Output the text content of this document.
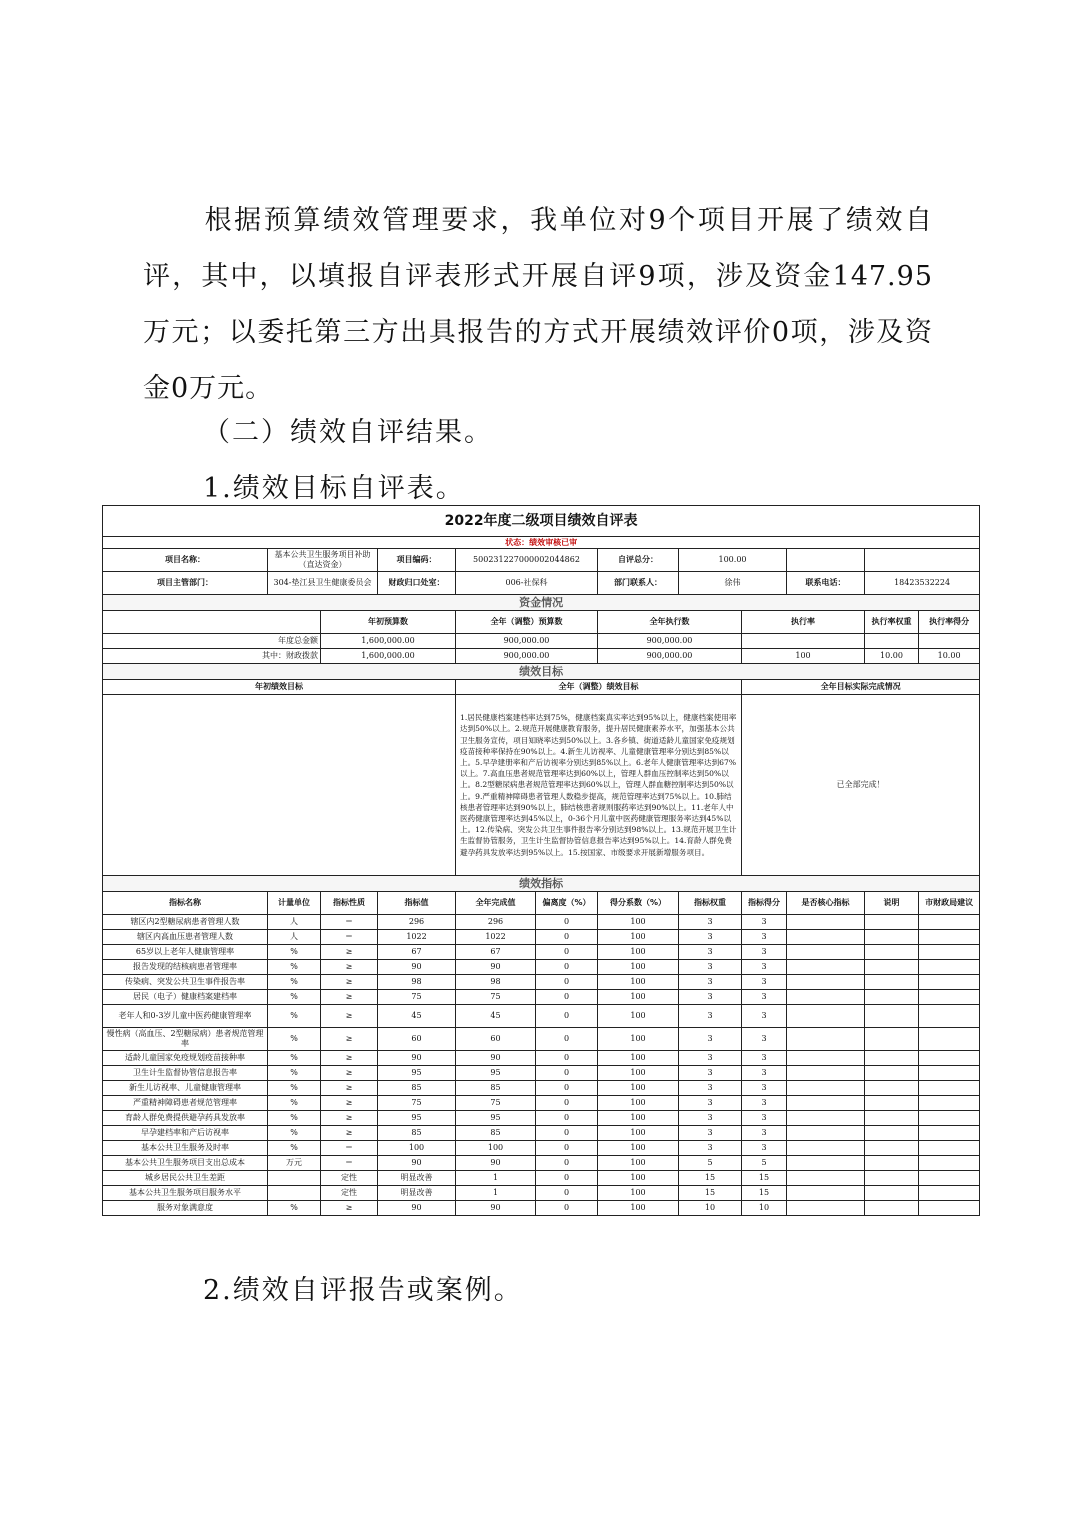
根据预算绩效管理要求，我单位对9个项目开展了绩效自评，其中，以填报自评表形式开展自评9项，涉及资金147.95万元；以委托第三方出具报告的方式开展绩效评价0项，涉及资金0万元。
（二）绩效自评结果。
1.绩效目标自评表。
2022年度二级项目绩效自评表											
状态：绩效审核已审											
项目名称：	基本公共卫生服务项目补助（直达资金）		项目编码：	500231227000002044862		自评总分：	100.00				
项目主管部门：	304-垫江县卫生健康委员会		财政归口处室：	006-社保科		部门联系人：	徐伟		联系电话：	18423532224	
资金情况											
		年初预算数		全年（调整）预算数		全年执行数		执行率		执行率权重	执行率得分
年度总金额		1,600,000.00		900,000.00		900,000.00					
其中：财政拨款		1,600,000.00		900,000.00		900,000.00		100		10.00	10.00
绩效目标											
年初绩效目标				全年（调整）绩效目标				全年目标实际完成情况			
				1.居民健康档案建档率达到75%，健康档案真实率达到95%以上，健康档案使用率达到50%以上。2.规范开展健康教育服务，提升居民健康素养水平，加强基本公共卫生服务宣传，项目知晓率达到50%以上。3.各乡镇、街道适龄儿童国家免疫规划疫苗接种率保持在90%以上。4.新生儿访视率、儿童健康管理率分别达到85%以上。5.早孕建册率和产后访视率分别达到85%以上。6.老年人健康管理率达到67%以上。7.高血压患者规范管理率达到60%以上，管理人群血压控制率达到50%以上。8.2型糖尿病患者规范管理率达到60%以上，管理人群血糖控制率达到50%以上。9.严重精神障碍患者管理人数稳步提高，规范管理率达到75%以上。10.肺结核患者管理率达到90%以上，肺结核患者规则服药率达到90%以上。11.老年人中医药健康管理率达到45%以上，0-36个月儿童中医药健康管理服务率达到45%以上。12.传染病、突发公共卫生事件报告率分别达到98%以上。13.规范开展卫生计生监督协管服务，卫生计生监督协管信息报告率达到95%以上。14.育龄人群免费避孕药具发放率达到95%以上。15.按国家、市级要求开展新增服务项目。				已全部完成！			
绩效指标											
指标名称	计量单位	指标性质	指标值	全年完成值	偏离度（%）	得分系数（%）	指标权重	指标得分	是否核心指标	说明	市财政局建议
辖区内2型糖尿病患者管理人数	人	＝	296	296	0	100	3	3			
辖区内高血压患者管理人数	人	＝	1022	1022	0	100	3	3			
65岁以上老年人健康管理率	%	≥	67	67	0	100	3	3			
报告发现的结核病患者管理率	%	≥	90	90	0	100	3	3			
传染病、突发公共卫生事件报告率	%	≥	98	98	0	100	3	3			
居民（电子）健康档案建档率	%	≥	75	75	0	100	3	3			
老年人和0-3岁儿童中医药健康管理率	%	≥	45	45	0	100	3	3			
慢性病（高血压、2型糖尿病）患者规范管理率	%	≥	60	60	0	100	3	3			
适龄儿童国家免疫规划疫苗接种率	%	≥	90	90	0	100	3	3			
卫生计生监督协管信息报告率	%	≥	95	95	0	100	3	3			
新生儿访视率、儿童健康管理率	%	≥	85	85	0	100	3	3			
严重精神障碍患者规范管理率	%	≥	75	75	0	100	3	3			
育龄人群免费提供避孕药具发放率	%	≥	95	95	0	100	3	3			
早孕建档率和产后访视率	%	≥	85	85	0	100	3	3			
基本公共卫生服务及时率	%	＝	100	100	0	100	3	3			
基本公共卫生服务项目支出总成本	万元	＝	90	90	0	100	5	5			
城乡居民公共卫生差距		定性	明显改善	1	0	100	15	15			
基本公共卫生服务项目服务水平		定性	明显改善	1	0	100	15	15			
服务对象满意度	%	≥	90	90	0	100	10	10			
2.绩效自评报告或案例。
